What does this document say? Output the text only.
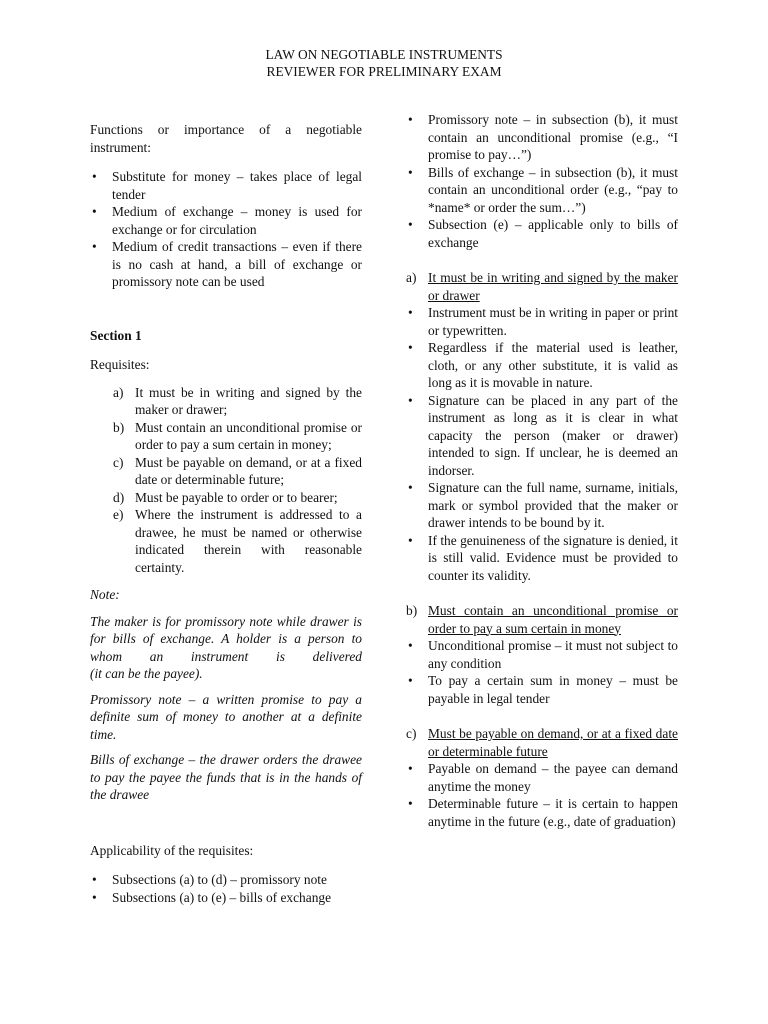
LAW ON NEGOTIABLE INSTRUMENTS
REVIEWER FOR PRELIMINARY EXAM

Functions or importance of a negotiable instrument:

• Substitute for money – takes place of legal tender
• Medium of exchange – money is used for exchange or for circulation
• Medium of credit transactions – even if there is no cash at hand, a bill of exchange or promissory note can be used

Section 1

Requisites:

a) It must be in writing and signed by the maker or drawer;
b) Must contain an unconditional promise or order to pay a sum certain in money;
c) Must be payable on demand, or at a fixed date or determinable future;
d) Must be payable to order or to bearer;
e) Where the instrument is addressed to a drawee, he must be named or otherwise indicated therein with reasonable certainty.

Note:

The maker is for promissory note while drawer is for bills of exchange. A holder is a person to whom an instrument is delivered

(it can be the payee).

Promissory note – a written promise to pay a definite sum of money to another at a definite time.

Bills of exchange – the drawer orders the drawee to pay the payee the funds that is in the hands of the drawee

Applicability of the requisites:

• Subsections (a) to (d) – promissory note
• Subsections (a) to (e) – bills of exchange
• Promissory note – in subsection (b), it must contain an unconditional promise (e.g., “I promise to pay…”)
• Bills of exchange – in subsection (b), it must contain an unconditional order (e.g., “pay to *name* or order the sum…”)
• Subsection (e) – applicable only to bills of exchange
a) It must be in writing and signed by the maker or drawer
• Instrument must be in writing in paper or print or typewritten.
• Regardless if the material used is leather, cloth, or any other substitute, it is valid as long as it is movable in nature.
• Signature can be placed in any part of the instrument as long as it is clear in what capacity the person (maker or drawer) intended to sign. If unclear, he is deemed an indorser.
• Signature can the full name, surname, initials, mark or symbol provided that the maker or drawer intends to be bound by it.
• If the genuineness of the signature is denied, it is still valid. Evidence must be provided to counter its validity.
b) Must contain an unconditional promise or order to pay a sum certain in money
• Unconditional promise – it must not subject to any condition
• To pay a certain sum in money – must be payable in legal tender
c) Must be payable on demand, or at a fixed date or determinable future
• Payable on demand – the payee can demand anytime the money
• Determinable future – it is certain to happen anytime in the future (e.g., date of graduation)
